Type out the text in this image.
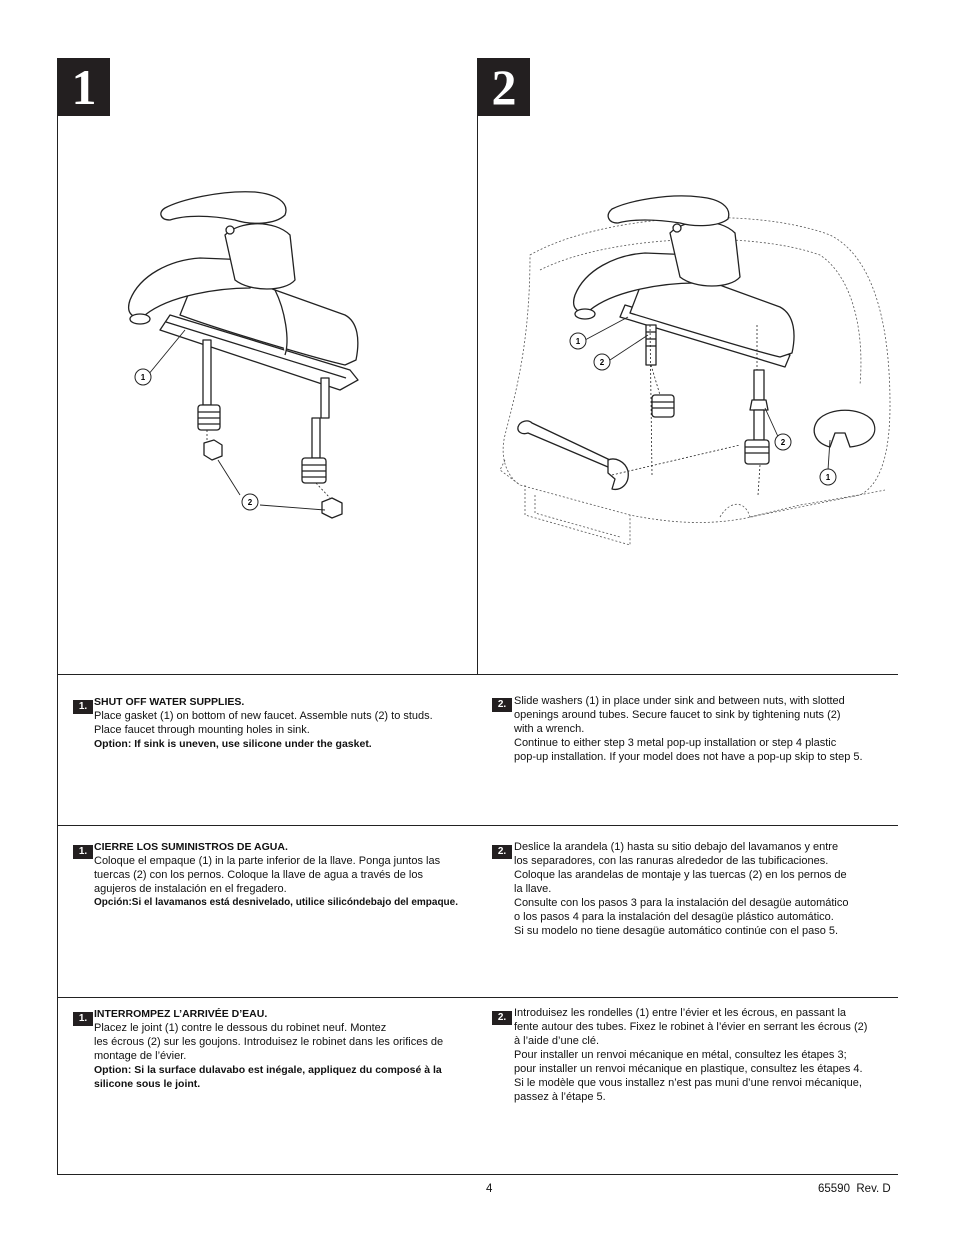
1	2
1
2
1
2
2
1
1. SHUT OFF WATER SUPPLIES.

Place gasket (1) on bottom of new faucet. Assemble nuts (2) to studs.

Place faucet through mounting holes in sink.

Option: If sink is uneven, use silicone under the gasket.

2. Slide washers (1) in place under sink and between nuts, with slotted

openings around tubes. Secure faucet to sink by tightening nuts (2)

with a wrench.

Continue to either step 3 metal pop-up installation or step 4 plastic

pop-up installation. If your model does not have a pop-up skip to step 5.

1. CIERRE LOS SUMINISTROS DE AGUA.

Coloque el empaque (1) in la parte inferior de la llave. Ponga juntos las

tuercas (2) con los pernos. Coloque la llave de agua a través de los

agujeros de instalación en el fregadero.

Opción:Si el lavamanos está desnivelado, utilice silicóndebajo del empaque.

2. Deslice la arandela (1) hasta su sitio debajo del lavamanos y entre

los separadores, con las ranuras alrededor de las tubificaciones.

Coloque las arandelas de montaje y las tuercas (2) en los pernos de

la llave.

Consulte con los pasos 3 para la instalación del desagüe automático

o los pasos 4 para la instalación del desagüe plástico automático.

Si su modelo no tiene desagüe automático continúe con el paso 5.

1. INTERROMPEZ L’ARRIVÉE D’EAU.

Placez le joint (1) contre le dessous du robinet neuf. Montez

les écrous (2) sur les goujons. Introduisez le robinet dans les orifices de

montage de l’évier.

Option: Si la surface dulavabo est inégale, appliquez du composé à la

silicone sous le joint.

2. Introduisez les rondelles (1) entre l’évier et les écrous, en passant la

fente autour des tubes. Fixez le robinet à l’évier en serrant les écrous (2)

à l’aide d’une clé.

Pour installer un renvoi mécanique en métal, consultez les étapes 3;

pour installer un renvoi mécanique en plastique, consultez les étapes 4.

Si le modèle que vous installez n’est pas muni d’une renvoi mécanique,

passez à l’étape 5.

4	65590  Rev. D
